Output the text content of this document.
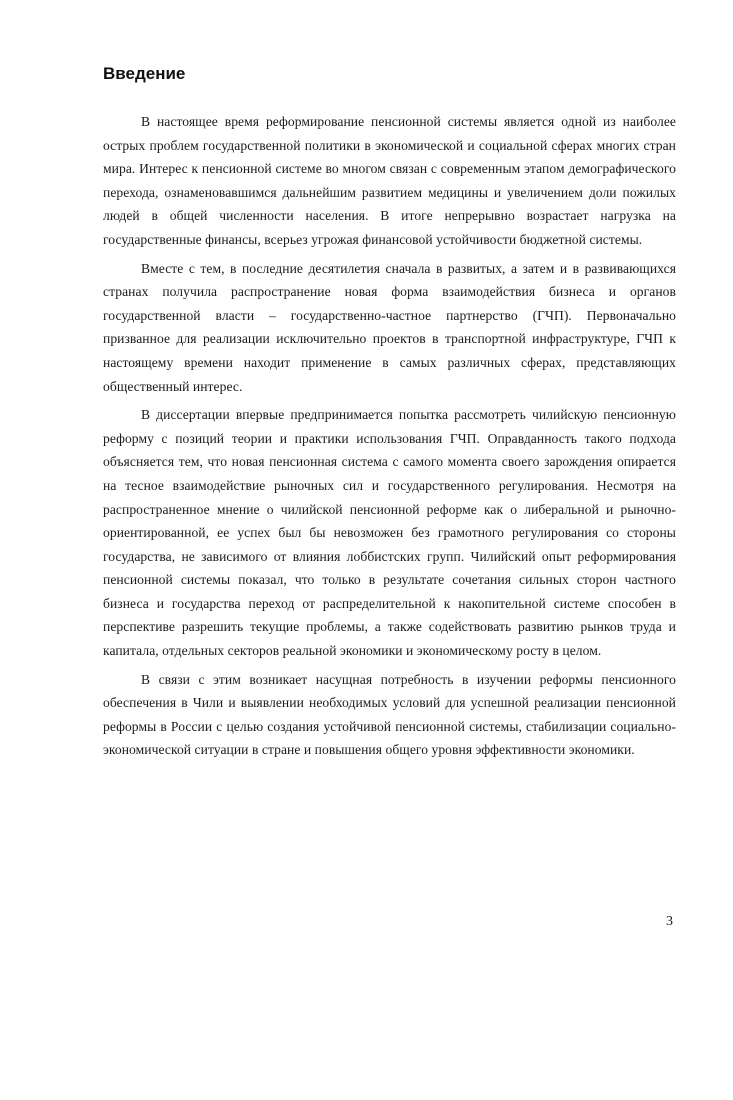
Введение

В настоящее время реформирование пенсионной системы является одной из наиболее острых проблем государственной политики в экономической и социальной сферах многих стран мира. Интерес к пенсионной системе во многом связан с современным этапом демографического перехода, ознаменовавшимся дальнейшим развитием медицины и увеличением доли пожилых людей в общей численности населения. В итоге непрерывно возрастает нагрузка на государственные финансы, всерьез угрожая финансовой устойчивости бюджетной системы.

Вместе с тем, в последние десятилетия сначала в развитых, а затем и в развивающихся странах получила распространение новая форма взаимодействия бизнеса и органов государственной власти – государственно-частное партнерство (ГЧП). Первоначально призванное для реализации исключительно проектов в транспортной инфраструктуре, ГЧП к настоящему времени находит применение в самых различных сферах, представляющих общественный интерес.

В диссертации впервые предпринимается попытка рассмотреть чилийскую пенсионную реформу с позиций теории и практики использования ГЧП. Оправданность такого подхода объясняется тем, что новая пенсионная система с самого момента своего зарождения опирается на тесное взаимодействие рыночных сил и государственного регулирования. Несмотря на распространенное мнение о чилийской пенсионной реформе как о либеральной и рыночно-ориентированной, ее успех был бы невозможен без грамотного регулирования со стороны государства, не зависимого от влияния лоббистских групп. Чилийский опыт реформирования пенсионной системы показал, что только в результате сочетания сильных сторон частного бизнеса и государства переход от распределительной к накопительной системе способен в перспективе разрешить текущие проблемы, а также содействовать развитию рынков труда и капитала, отдельных секторов реальной экономики и экономическому росту в целом.

В связи с этим возникает насущная потребность в изучении реформы пенсионного обеспечения в Чили и выявлении необходимых условий для успешной реализации пенсионной реформы в России с целью создания устойчивой пенсионной системы, стабилизации социально-экономической ситуации в стране и повышения общего уровня эффективности экономики.

3
